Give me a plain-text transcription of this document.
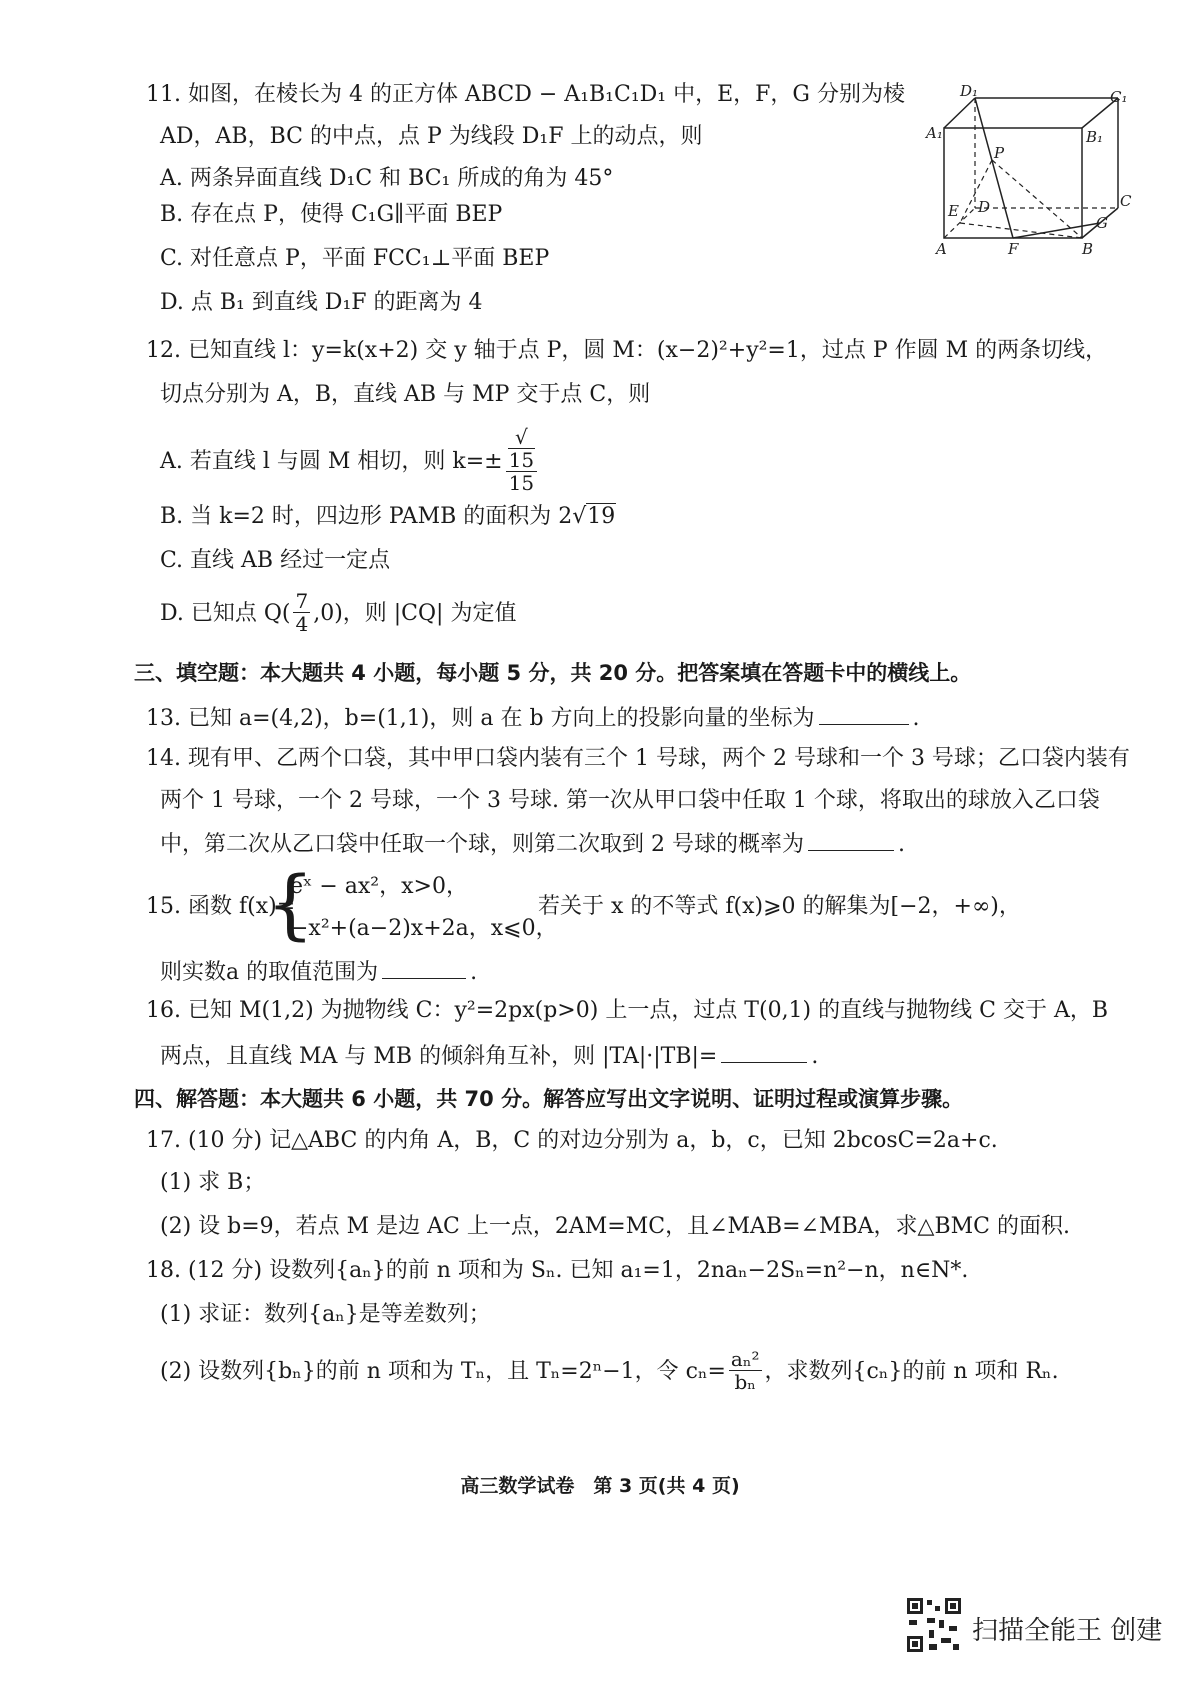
11. 如图，在棱长为 4 的正方体 ABCD − A₁B₁C₁D₁ 中，E，F，G 分别为棱
AD，AB，BC 的中点，点 P 为线段 D₁F 上的动点，则
A. 两条异面直线 D₁C 和 BC₁ 所成的角为 45°
B. 存在点 P，使得 C₁G∥平面 BEP
C. 对任意点 P，平面 FCC₁⊥平面 BEP
D. 点 B₁ 到直线 D₁F 的距离为 4
D₁	C₁
A₁	B₁
P
C
E D
G
A	F	B
12. 已知直线 l：y=k(x+2) 交 y 轴于点 P，圆 M：(x−2)²+y²=1，过点 P 作圆 M 的两条切线，
切点分别为 A，B，直线 AB 与 MP 交于点 C，则
A. 若直线 l 与圆 M 相切，则 k=± √
15
15
B. 当 k=2 时，四边形 PAMB 的面积为 2√19
C. 直线 AB 经过一定点
D. 已知点 $Q( \frac{7}{4} ,0)$，则 |CQ| 为定值
三、填空题：本大题共 4 小题，每小题 5 分，共 20 分。把答案填在答题卡中的横线上。
13. 已知 a=(4,2)，b=(1,1)，则 a 在 b 方向上的投影向量的坐标为	.
14. 现有甲、乙两个口袋，其中甲口袋内装有三个 1 号球，两个 2 号球和一个 3 号球；乙口袋内装有
两个 1 号球，一个 2 号球，一个 3 号球. 第一次从甲口袋中任取 1 个球，将取出的球放入乙口袋
中，第二次从乙口袋中任取一个球，则第二次取到 2 号球的概率为	.
15. 函数 f(x)=
{
eˣ − ax²，x>0，
−x²+(a−2)x+2a，x⩽0，
若关于 x 的不等式 f(x)⩾0 的解集为[−2，+∞)，
则实数a 的取值范围为	.
16. 已知 M(1,2) 为抛物线 C：y²=2px(p>0) 上一点，过点 T(0,1) 的直线与抛物线 C 交于 A，B
两点，且直线 MA 与 MB 的倾斜角互补，则 |TA|·|TB|=	.
四、解答题：本大题共 6 小题，共 70 分。解答应写出文字说明、证明过程或演算步骤。
17. (10 分) 记△ABC 的内角 A，B，C 的对边分别为 a，b，c，已知 2bcosC=2a+c.
(1) 求 B；
(2) 设 b=9，若点 M 是边 AC 上一点，2AM=MC，且∠MAB=∠MBA，求△BMC 的面积.
18. (12 分) 设数列{aₙ}的前 n 项和为 Sₙ. 已知 a₁=1，2naₙ−2Sₙ=n²−n，n∈N*.
(1) 求证：数列{aₙ}是等差数列；
(2) 设数列{bₙ}的前 n 项和为 Tₙ，且 Tₙ=2ⁿ−1，令 $c_n= \frac{\text{aₙ²}}{\text{bₙ}}$ ，求数列{cₙ}的前 n 项和 Rₙ.
高三数学试卷　第 3 页(共 4 页)
扫描全能王 创建
